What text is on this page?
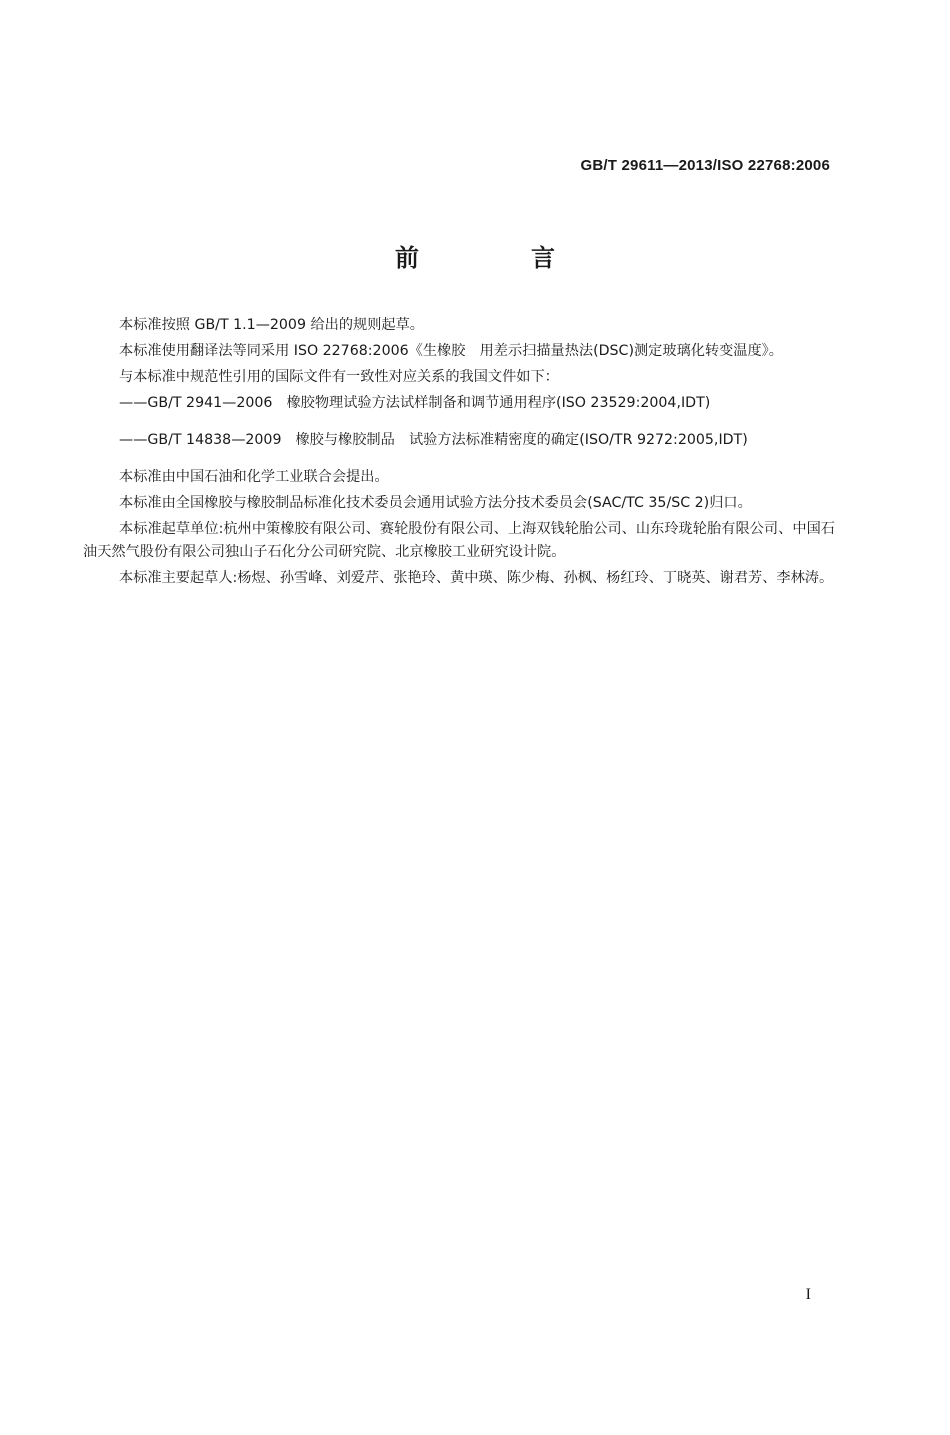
GB/T 29611—2013/ISO 22768:2006
前　言

本标准按照 GB/T 1.1—2009 给出的规则起草。

本标准使用翻译法等同采用 ISO 22768:2006《生橡胶　用差示扫描量热法(DSC)测定玻璃化转变温度》。

与本标准中规范性引用的国际文件有一致性对应关系的我国文件如下：

——GB/T 2941—2006 橡胶物理试验方法试样制备和调节通用程序(ISO 23529:2004,IDT)

——GB/T 14838—2009 橡胶与橡胶制品　试验方法标准精密度的确定(ISO/TR 9272:2005,IDT)

本标准由中国石油和化学工业联合会提出。

本标准由全国橡胶与橡胶制品标准化技术委员会通用试验方法分技术委员会(SAC/TC 35/SC 2)归口。

本标准起草单位:杭州中策橡胶有限公司、赛轮股份有限公司、上海双钱轮胎公司、山东玲珑轮胎有限公司、中国石油天然气股份有限公司独山子石化分公司研究院、北京橡胶工业研究设计院。

本标准主要起草人:杨煜、孙雪峰、刘爱芹、张艳玲、黄中瑛、陈少梅、孙枫、杨红玲、丁晓英、谢君芳、李林涛。

I
